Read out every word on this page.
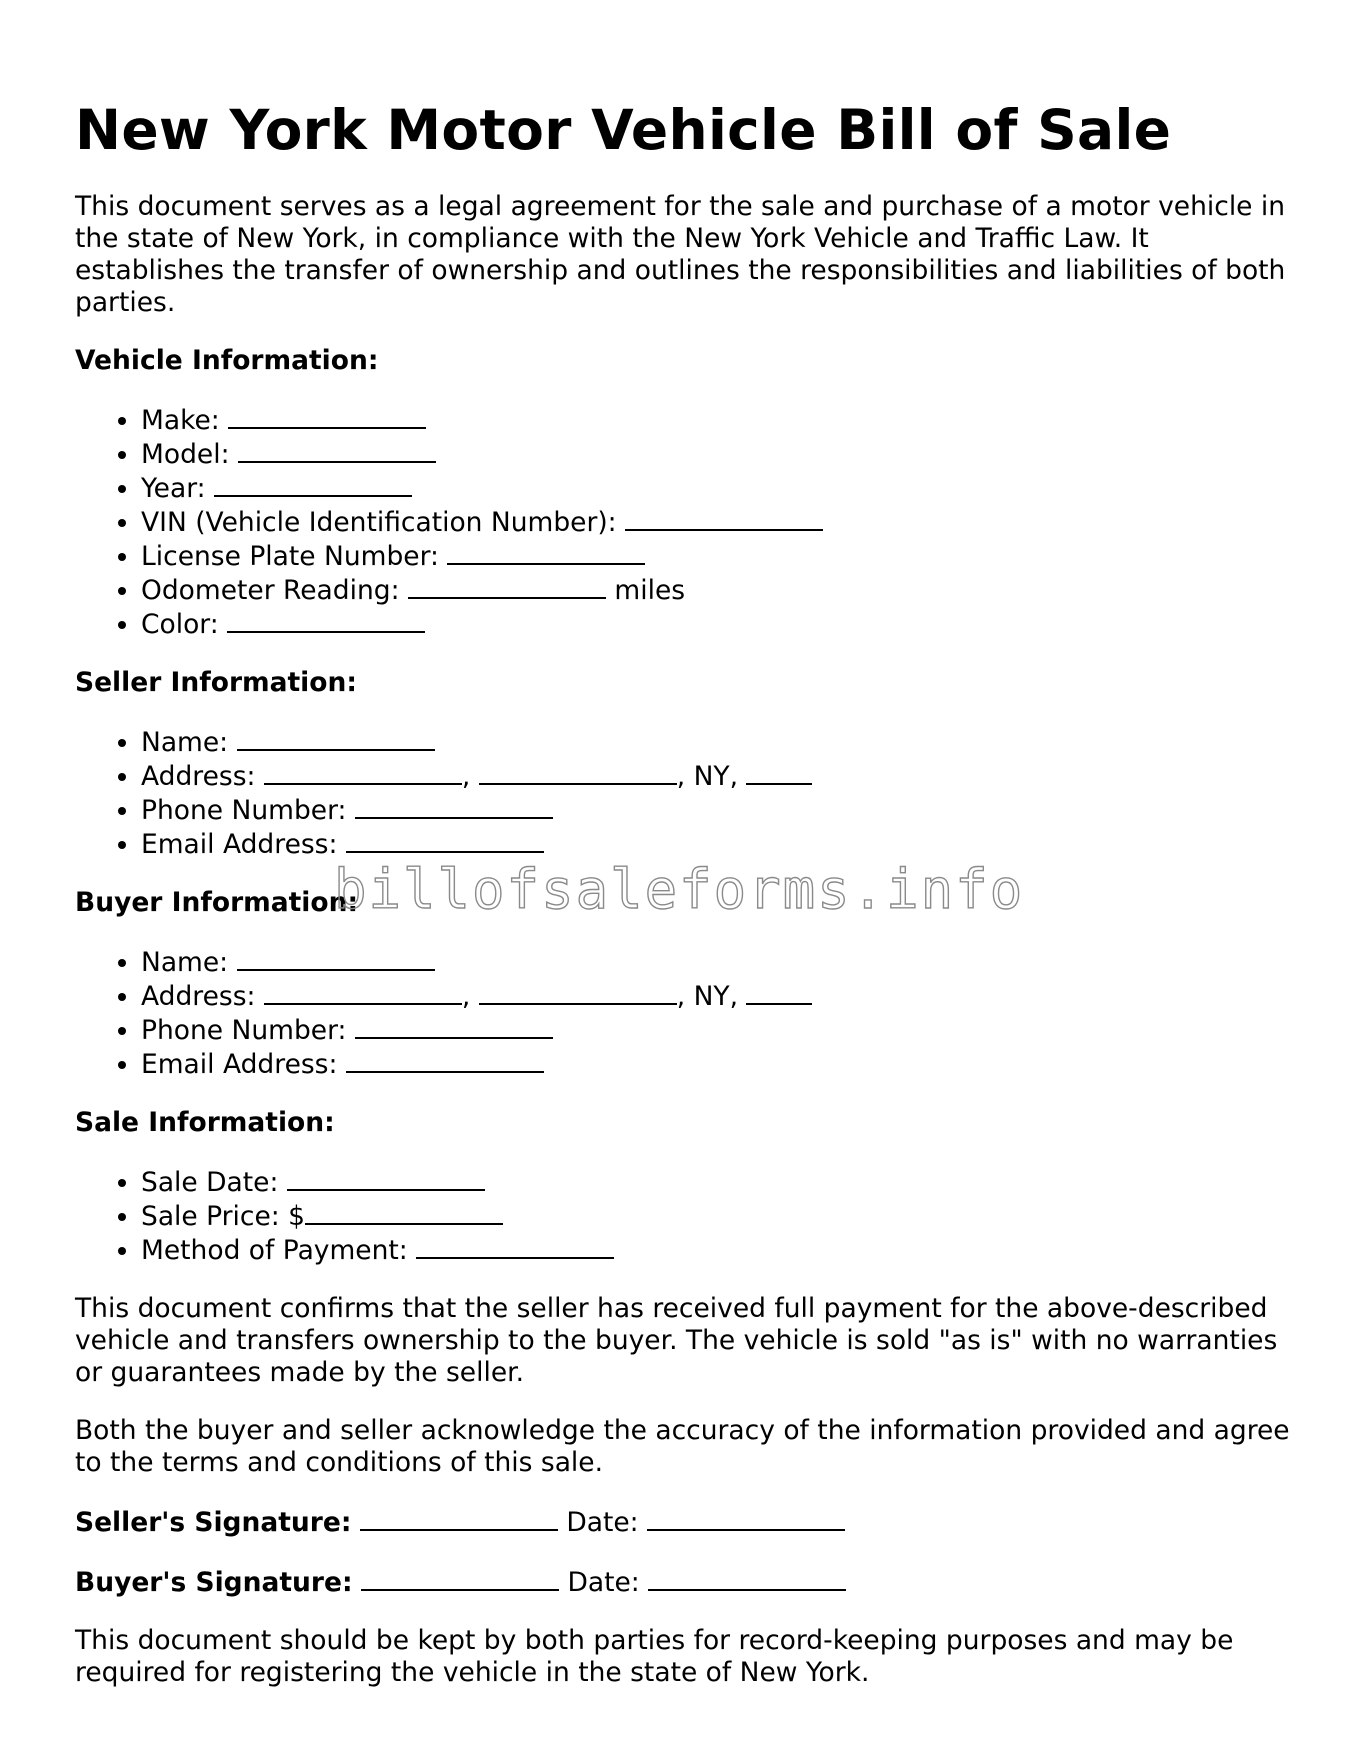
New York Motor Vehicle Bill of Sale

This document serves as a legal agreement for the sale and purchase of a motor vehicle in the state of New York, in compliance with the New York Vehicle and Traffic Law. It establishes the transfer of ownership and outlines the responsibilities and liabilities of both parties.

Vehicle Information:

• Make:
• Model:
• Year:
• VIN (Vehicle Identification Number):
• License Plate Number:
• Odometer Reading:	miles
• Color:

Seller Information:

• Name:
• Address:	,	, NY,
• Phone Number:
• Email Address:

Buyer Information:

• Name:
• Address:	,	, NY,
• Phone Number:
• Email Address:

Sale Information:

• Sale Date:
• Sale Price: $
• Method of Payment:

This document confirms that the seller has received full payment for the above-described vehicle and transfers ownership to the buyer. The vehicle is sold "as is" with no warranties or guarantees made by the seller.

Both the buyer and seller acknowledge the accuracy of the information provided and agree to the terms and conditions of this sale.

Seller's Signature:	Date:

Buyer's Signature:	Date:

This document should be kept by both parties for record-keeping purposes and may be required for registering the vehicle in the state of New York.

billofsaleforms.info
